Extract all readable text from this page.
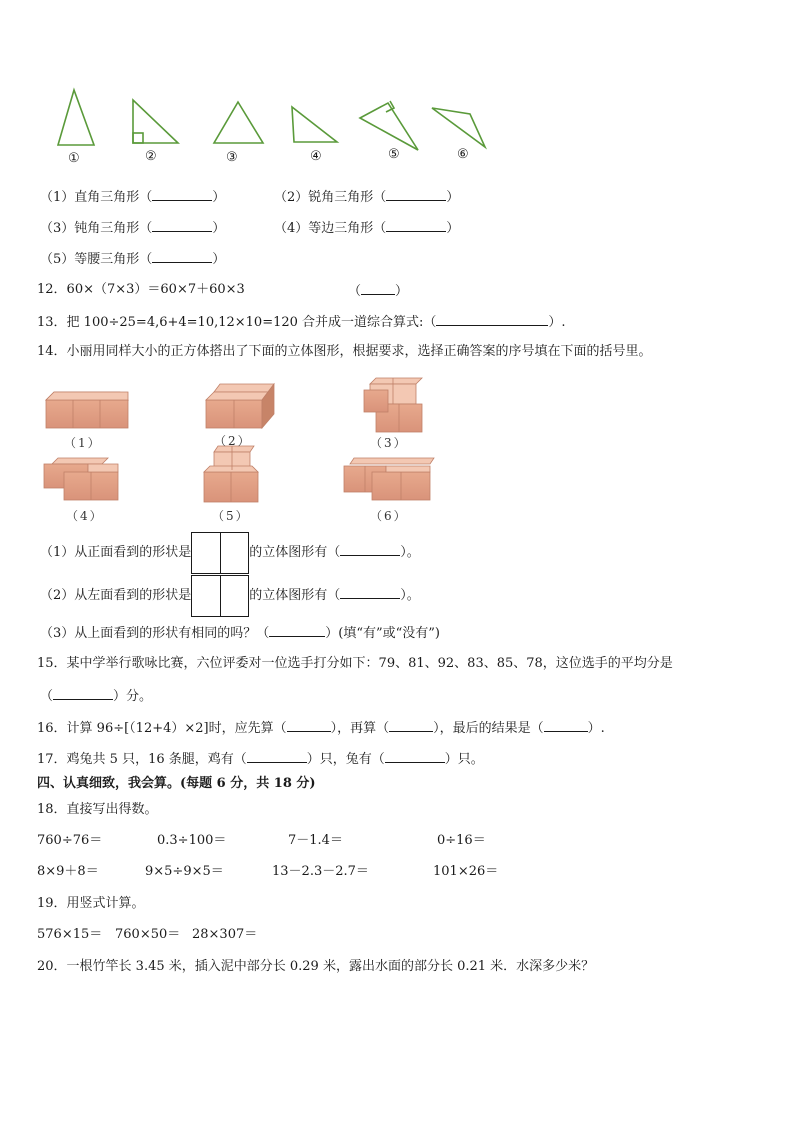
①	②	③	④	⑤	⑥
（1）直角三角形（	）	（2）锐角三角形（	）
（3）钝角三角形（	）	（4）等边三角形（	）
（5）等腰三角形（	）
12．60×（7×3）＝60×7＋60×3	（	）
13．把 100÷25=4,6+4=10,12×10=120 合并成一道综合算式:（	）.
14．小丽用同样大小的正方体搭出了下面的立体图形，根据要求，选择正确答案的序号填在下面的括号里。
（1）	（2）	（3）
（4）	（5）	（6）
（1）从正面看到的形状是	的立体图形有（	）。
（2）从左面看到的形状是	的立体图形有（	）。
（3）从上面看到的形状有相同的吗？（	）(填“有”或“没有”)
15．某中学举行歌咏比赛，六位评委对一位选手打分如下：79、81、92、83、85、78，这位选手的平均分是
（	）分。
16．计算 96÷[（12+4）×2]时，应先算（	），再算（	），最后的结果是（	）.
17．鸡兔共 5 只，16 条腿，鸡有（	）只，兔有（	）只。
四、认真细致，我会算。(每题 6 分，共 18 分)
18．直接写出得数。
760÷76＝	0.3÷100＝	7－1.4＝	0÷16＝
8×9＋8＝	9×5÷9×5＝	13－2.3－2.7＝	101×26＝
19．用竖式计算。
576×15＝ 760×50＝ 28×307＝
20．一根竹竿长 3.45 米，插入泥中部分长 0.29 米，露出水面的部分长 0.21 米．水深多少米？
